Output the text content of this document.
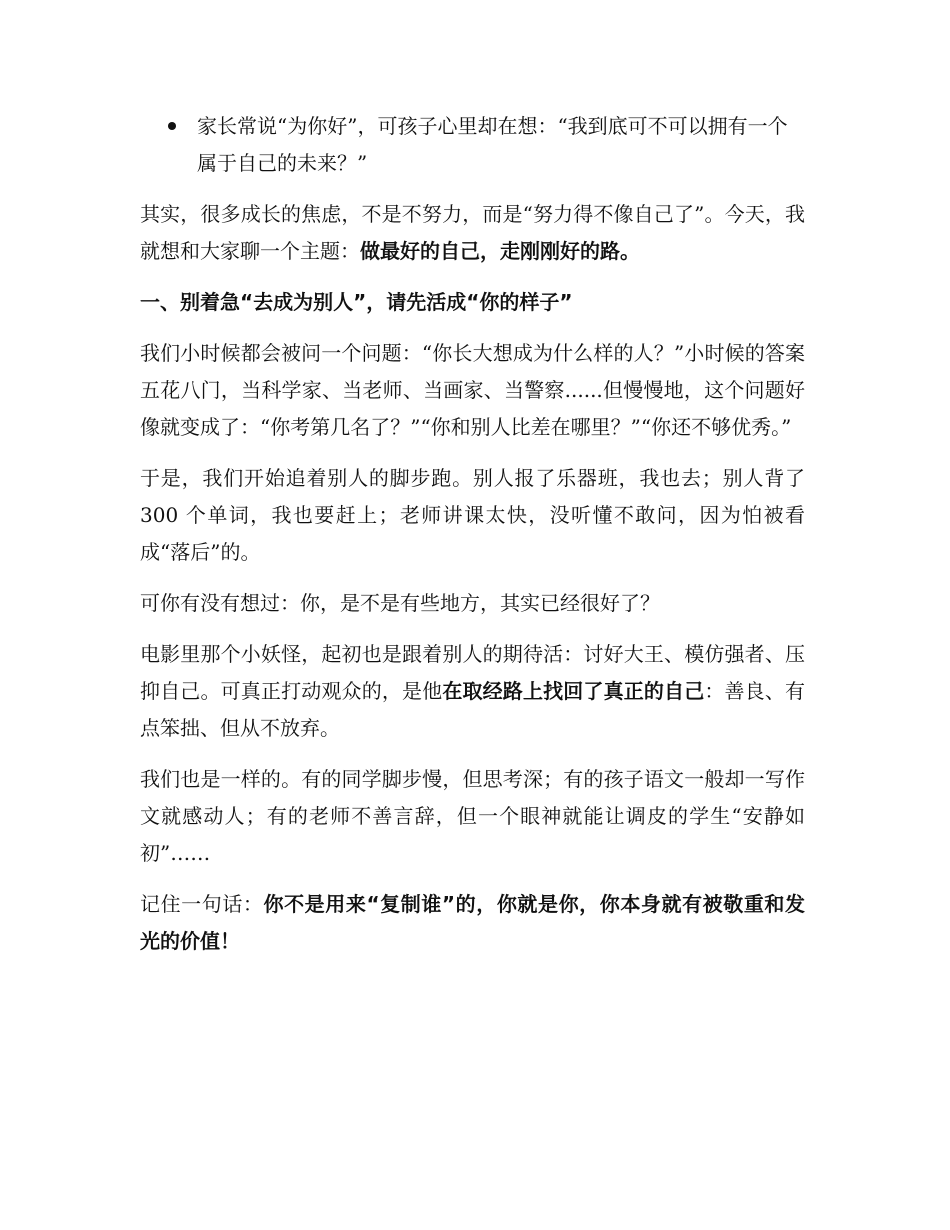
家长常说“为你好”，可孩子心里却在想：“我到底可不可以拥有一个属于自己的未来？”

其实，很多成长的焦虑，不是不努力，而是“努力得不像自己了”。今天，我就想和大家聊一个主题：做最好的自己，走刚刚好的路。

一、别着急“去成为别人”，请先活成“你的样子”

我们小时候都会被问一个问题：“你长大想成为什么样的人？”小时候的答案五花八门，当科学家、当老师、当画家、当警察......但慢慢地，这个问题好像就变成了：“你考第几名了？”“你和别人比差在哪里？”“你还不够优秀。”

于是，我们开始追着别人的脚步跑。别人报了乐器班，我也去；别人背了 300 个单词，我也要赶上；老师讲课太快，没听懂不敢问，因为怕被看成“落后”的。

可你有没有想过：你，是不是有些地方，其实已经很好了？

电影里那个小妖怪，起初也是跟着别人的期待活：讨好大王、模仿强者、压抑自己。可真正打动观众的，是他在取经路上找回了真正的自己：善良、有点笨拙、但从不放弃。

我们也是一样的。有的同学脚步慢，但思考深；有的孩子语文一般却一写作文就感动人；有的老师不善言辞，但一个眼神就能让调皮的学生“安静如初”……

记住一句话：你不是用来“复制谁”的，你就是你，你本身就有被敬重和发光的价值！
